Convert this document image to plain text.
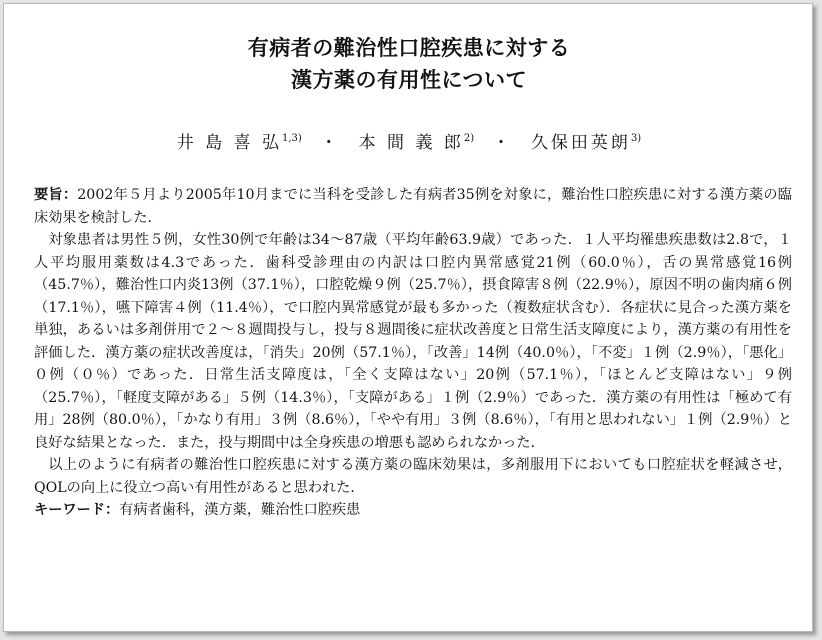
有病者の難治性口腔疾患に対する
漢方薬の有用性について
井 島 喜 弘$^{1,3)}$ ・ 本 間 義 郎$^{2)}$ ・ 久保田英朗$^{3)}$

要旨：2002年５月より2005年10月までに当科を受診した有病者35例を対象に，難治性口腔疾患に対する漢方薬の臨床効果を検討した．

対象患者は男性５例，女性30例で年齢は34～87歳（平均年齢63.9歳）であった．１人平均罹患疾患数は2.8で，１人平均服用薬数は4.3であった．歯科受診理由の内訳は口腔内異常感覚21例（60.0％），舌の異常感覚16例（45.7％），難治性口内炎13例（37.1％），口腔乾燥９例（25.7％），摂食障害８例（22.9％），原因不明の歯肉痛６例（17.1％），嚥下障害４例（11.4％），で口腔内異常感覚が最も多かった（複数症状含む）．各症状に見合った漢方薬を単独，あるいは多剤併用で２～８週間投与し，投与８週間後に症状改善度と日常生活支障度により，漢方薬の有用性を評価した．漢方薬の症状改善度は，「消失」20例（57.1％），「改善」14例（40.0％），「不変」１例（2.9％），「悪化」０例（０％）であった．日常生活支障度は，「全く支障はない」20例（57.1％），「ほとんど支障はない」９例（25.7％），「軽度支障がある」５例（14.3％），「支障がある」１例（2.9％）であった．漢方薬の有用性は「極めて有用」28例（80.0％），「かなり有用」３例（8.6％），「やや有用」３例（8.6％），「有用と思われない」１例（2.9％）と良好な結果となった．また，投与期間中は全身疾患の増悪も認められなかった．

以上のように有病者の難治性口腔疾患に対する漢方薬の臨床効果は，多剤服用下においても口腔症状を軽減させ，QOLの向上に役立つ高い有用性があると思われた．

キーワード：有病者歯科，漢方薬，難治性口腔疾患
